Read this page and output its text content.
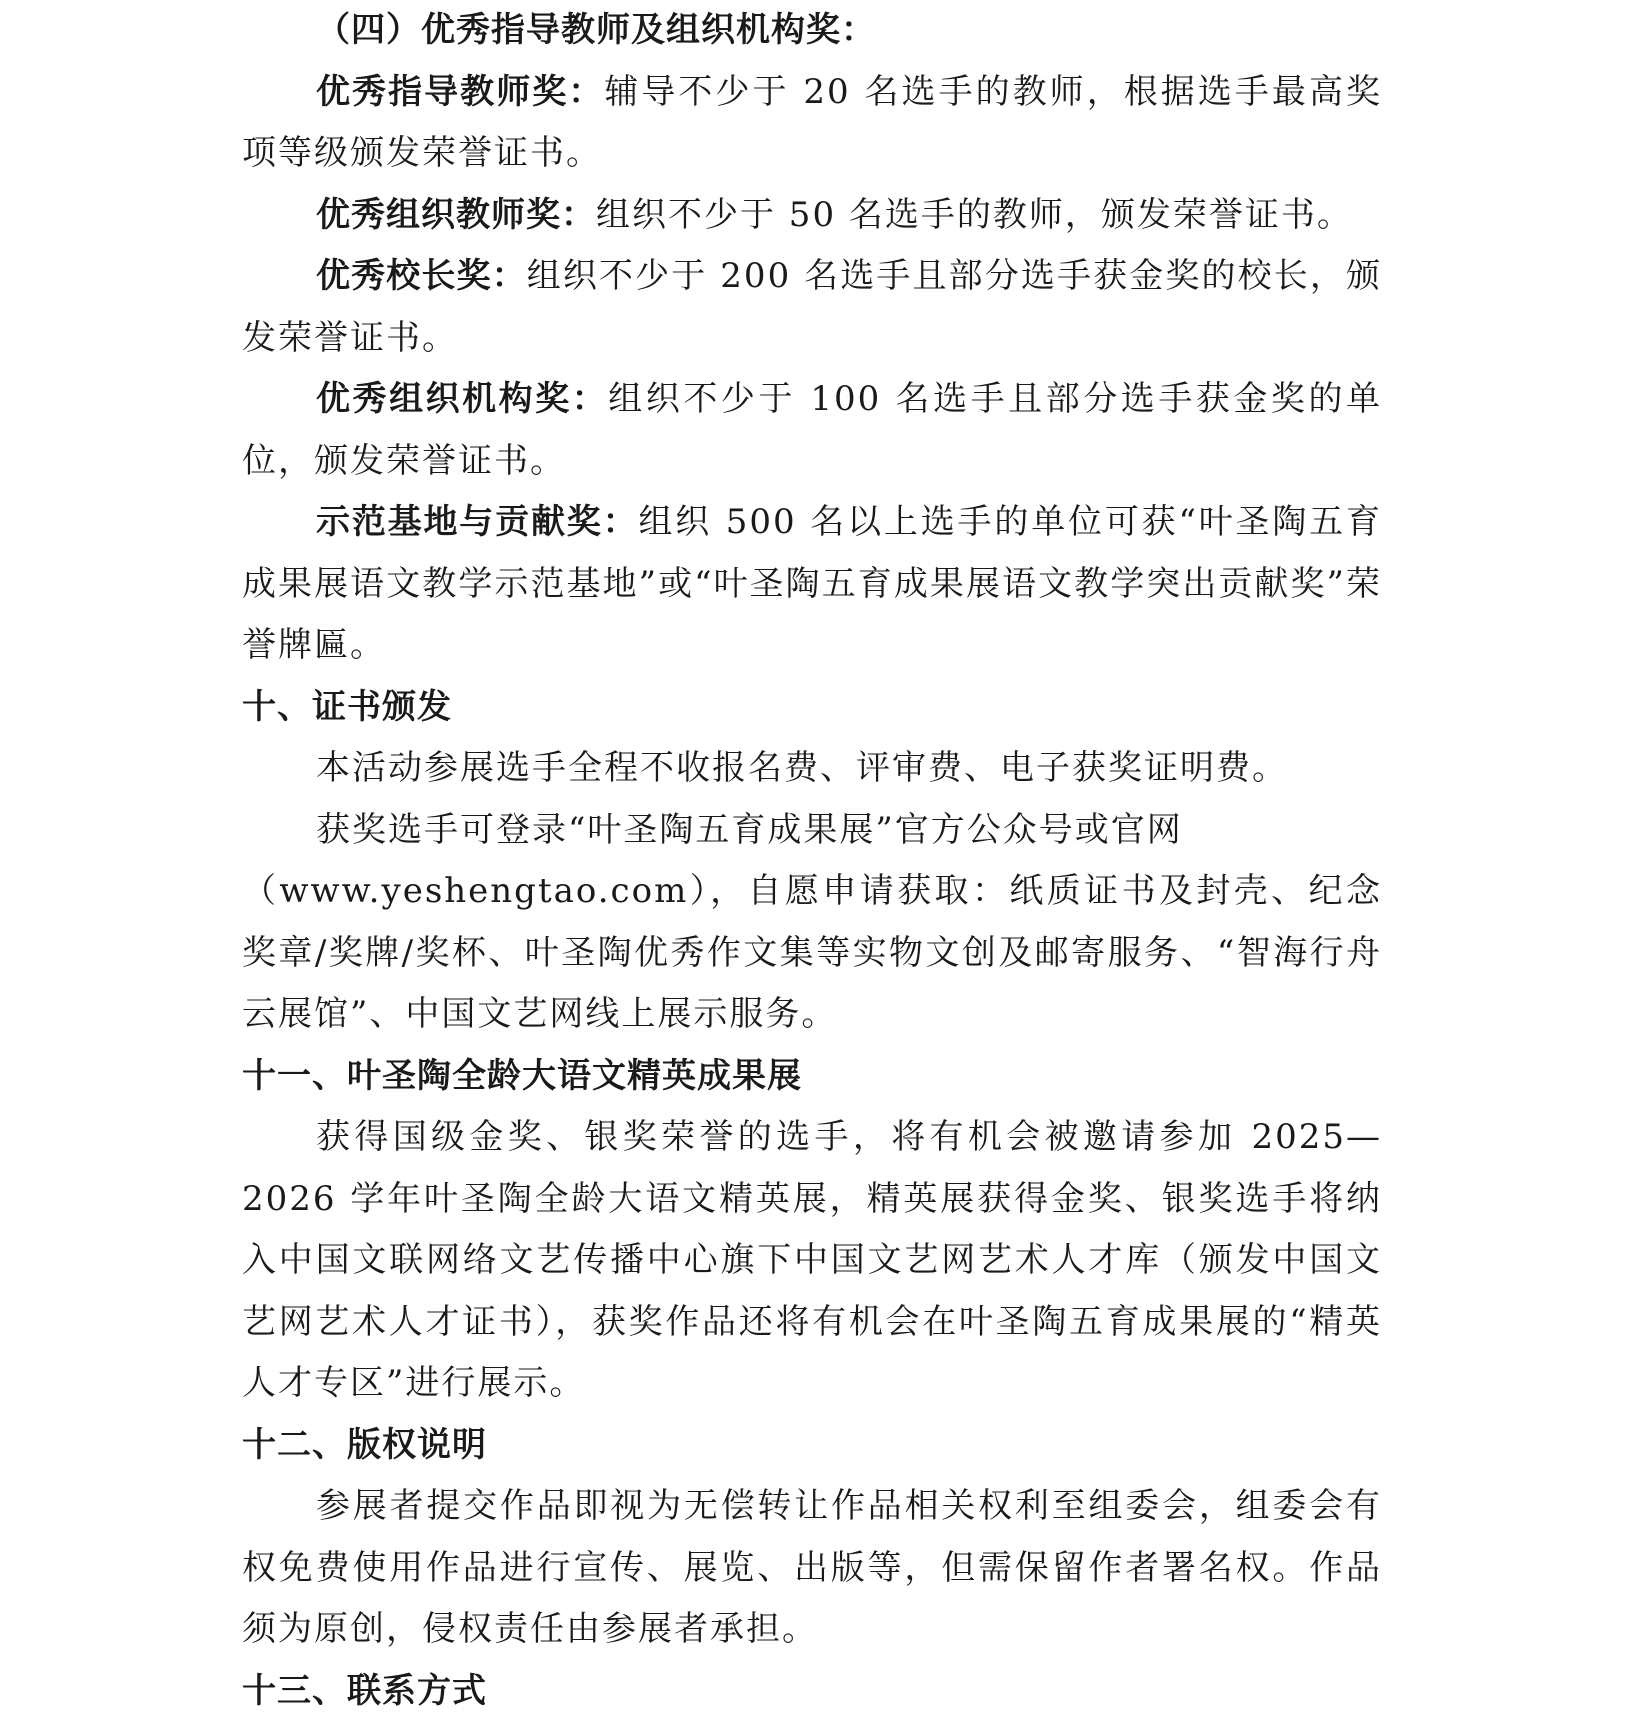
（四）优秀指导教师及组织机构奖：

优秀指导教师奖：辅导不少于 20 名选手的教师，根据选手最高奖项等级颁发荣誉证书。

优秀组织教师奖：组织不少于 50 名选手的教师，颁发荣誉证书。

优秀校长奖：组织不少于 200 名选手且部分选手获金奖的校长，颁发荣誉证书。

优秀组织机构奖：组织不少于 100 名选手且部分选手获金奖的单位，颁发荣誉证书。

示范基地与贡献奖：组织 500 名以上选手的单位可获“叶圣陶五育成果展语文教学示范基地”或“叶圣陶五育成果展语文教学突出贡献奖”荣誉牌匾。

十、证书颁发

本活动参展选手全程不收报名费、评审费、电子获奖证明费。

获奖选手可登录“叶圣陶五育成果展”官方公众号或官网

（www.yeshengtao.com），自愿申请获取：纸质证书及封壳、纪念奖章/奖牌/奖杯、叶圣陶优秀作文集等实物文创及邮寄服务、“智海行舟云展馆”、中国文艺网线上展示服务。

十一、叶圣陶全龄大语文精英成果展

获得国级金奖、银奖荣誉的选手，将有机会被邀请参加 2025—2026 学年叶圣陶全龄大语文精英展，精英展获得金奖、银奖选手将纳入中国文联网络文艺传播中心旗下中国文艺网艺术人才库（颁发中国文艺网艺术人才证书），获奖作品还将有机会在叶圣陶五育成果展的“精英人才专区”进行展示。

十二、版权说明

参展者提交作品即视为无偿转让作品相关权利至组委会，组委会有权免费使用作品进行宣传、展览、出版等，但需保留作者署名权。作品须为原创，侵权责任由参展者承担。

十三、联系方式
